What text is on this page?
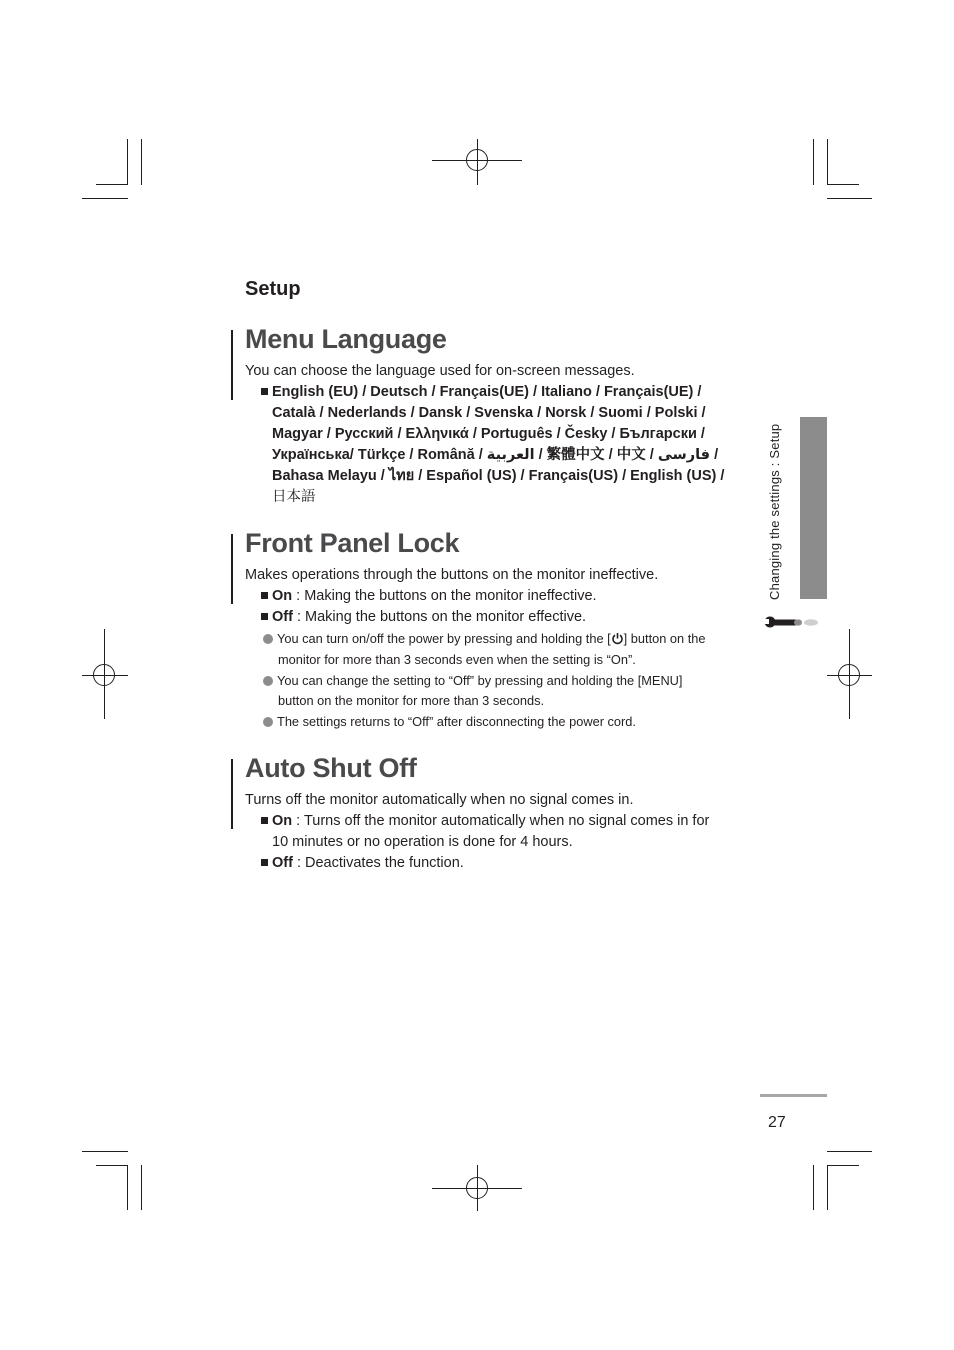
Setup
Menu Language
You can choose the language used for on-screen messages.
English (EU) / Deutsch / Français(UE) / Italiano / Français(UE) /
Català / Nederlands / Dansk / Svenska / Norsk / Suomi / Polski /
Magyar / Русский / Ελληνικά / Português / Česky / Български /
Українська/ Türkçe / Română / العربية / 繁體中文 / 中文 / فارسی /
Bahasa Melayu / ไทย / Español (US) / Français(US) / English (US) /
日本語
Front Panel Lock
Makes operations through the buttons on the monitor ineffective.
On : Making the buttons on the monitor ineffective.
Off : Making the buttons on the monitor effective.
You can turn on/off the power by pressing and holding the [ ] button on the
monitor for more than 3 seconds even when the setting is “On”.
You can change the setting to “Off” by pressing and holding the [MENU]
button on the monitor for more than 3 seconds.
The settings returns to “Off” after disconnecting the power cord.
Auto Shut Off
Turns off the monitor automatically when no signal comes in.
On : Turns off the monitor automatically when no signal comes in for
10 minutes or no operation is done for 4 hours.
Off : Deactivates the function.
Changing the settings : Setup
27
